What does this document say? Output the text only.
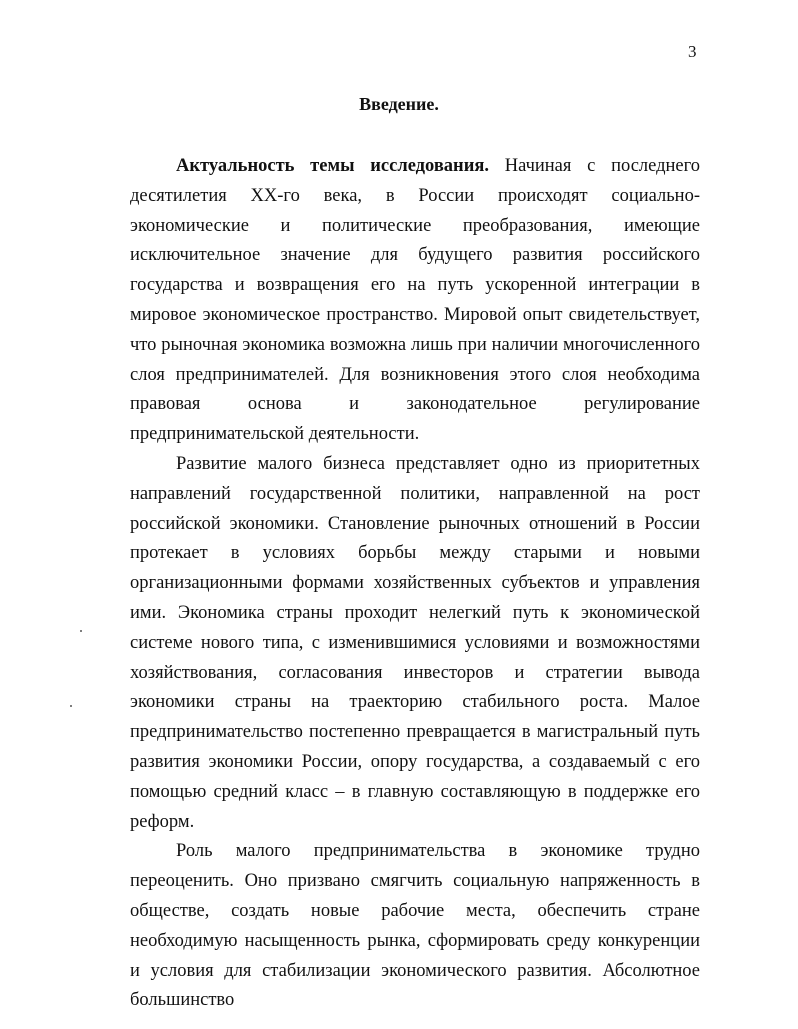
3
Введение.

Актуальность темы исследования. Начиная с последнего десятилетия XX-го века, в России происходят социально-экономические и политические преобразования, имеющие исключительное значение для будущего развития российского государства и возвращения его на путь ускоренной интеграции в мировое экономическое пространство. Мировой опыт свидетельствует, что рыночная экономика возможна лишь при наличии многочисленного слоя предпринимателей. Для возникновения этого слоя необходима правовая основа и законодательное регулирование предпринимательской деятельности.

Развитие малого бизнеса представляет одно из приоритетных направлений государственной политики, направленной на рост российской экономики. Становление рыночных отношений в России протекает в условиях борьбы между старыми и новыми организационными формами хозяйственных субъектов и управления ими. Экономика страны проходит нелегкий путь к экономической системе нового типа, с изменившимися условиями и возможностями хозяйствования, согласования инвесторов и стратегии вывода экономики страны на траекторию стабильного роста. Малое предпринимательство постепенно превращается в магистральный путь развития экономики России, опору государства, а создаваемый с его помощью средний класс – в главную составляющую в поддержке его реформ.

Роль малого предпринимательства в экономике трудно переоценить. Оно призвано смягчить социальную напряженность в обществе, создать новые рабочие места, обеспечить стране необходимую насыщенность рынка, сформировать среду конкуренции и условия для стабилизации экономического развития. Абсолютное большинство
